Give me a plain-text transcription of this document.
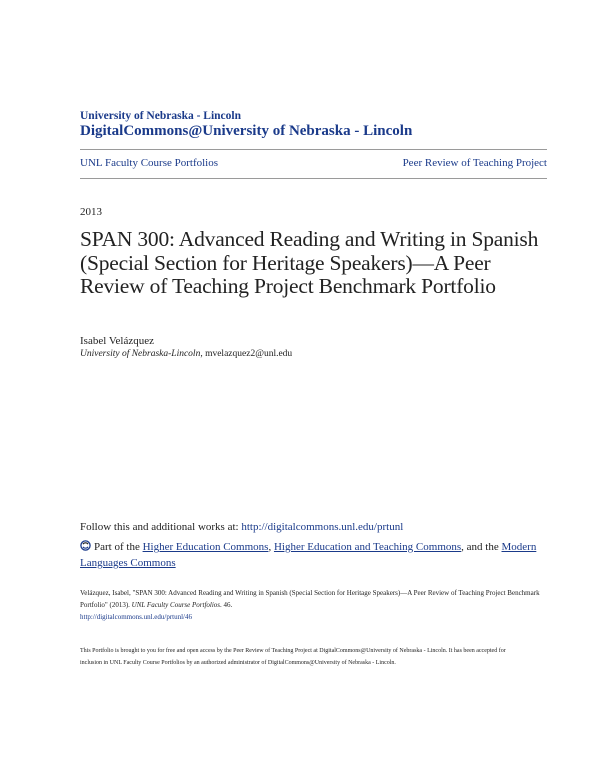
University of Nebraska - Lincoln
DigitalCommons@University of Nebraska - Lincoln
UNL Faculty Course Portfolios	Peer Review of Teaching Project
2013
SPAN 300: Advanced Reading and Writing in Spanish (Special Section for Heritage Speakers)—A Peer Review of Teaching Project Benchmark Portfolio
Isabel Velázquez
University of Nebraska-Lincoln, mvelazquez2@unl.edu
Follow this and additional works at: http://digitalcommons.unl.edu/prtunl
Part of the Higher Education Commons, Higher Education and Teaching Commons, and the Modern Languages Commons
Velázquez, Isabel, "SPAN 300: Advanced Reading and Writing in Spanish (Special Section for Heritage Speakers)—A Peer Review of Teaching Project Benchmark Portfolio" (2013). UNL Faculty Course Portfolios. 46.
http://digitalcommons.unl.edu/prtunl/46
This Portfolio is brought to you for free and open access by the Peer Review of Teaching Project at DigitalCommons@University of Nebraska - Lincoln. It has been accepted for inclusion in UNL Faculty Course Portfolios by an authorized administrator of DigitalCommons@University of Nebraska - Lincoln.
